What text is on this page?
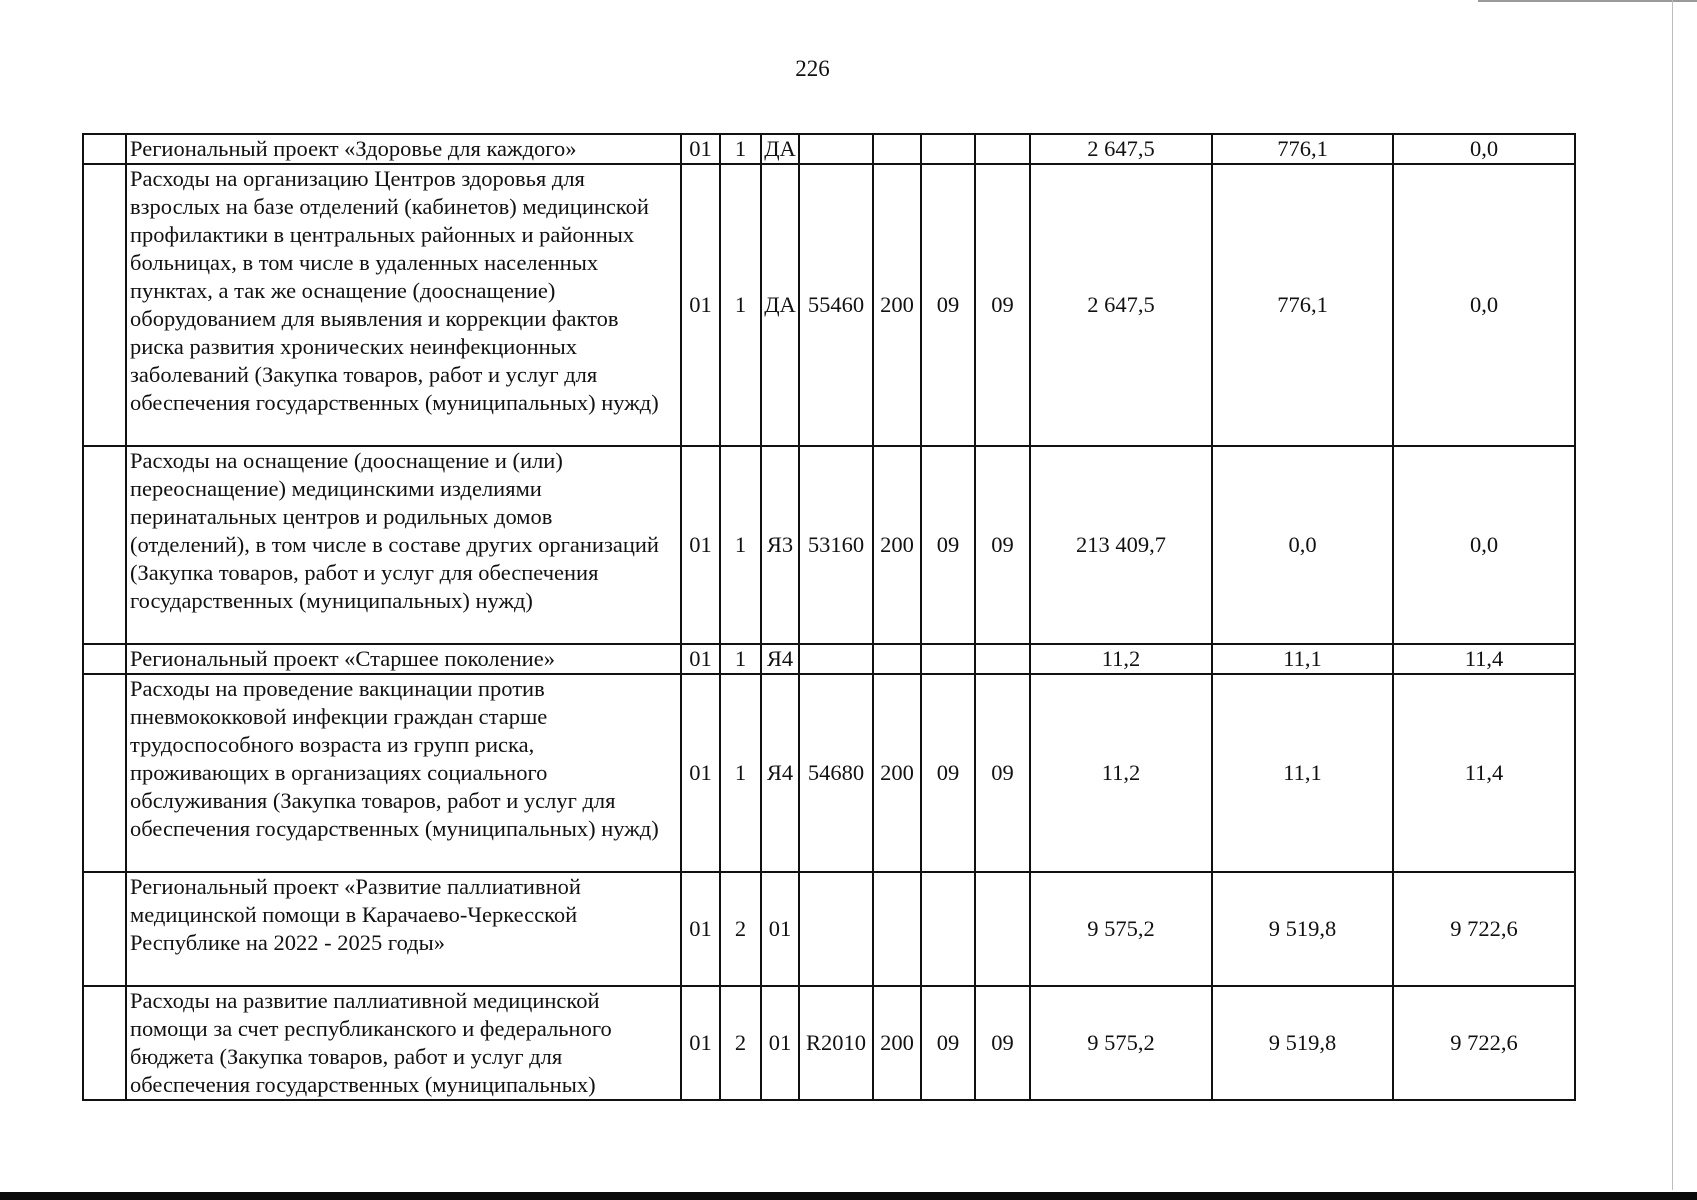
226
	Региональный проект «Здоровье для каждого»	01	1	ДА					2 647,5	776,1	0,0
	Расходы на организацию Центров здоровья для взрослых на базе отделений (кабинетов) медицинской профилактики в центральных районных и районных больницах, в том числе в удаленных населенных пунктах, а так же оснащение (дооснащение) оборудованием для выявления и коррекции фактов риска развития хронических неинфекционных заболеваний (Закупка товаров, работ и услуг для обеспечения государственных (муниципальных) нужд)	01	1	ДА	55460	200	09	09	2 647,5	776,1	0,0
	Расходы на оснащение (дооснащение и (или) переоснащение) медицинскими изделиями перинатальных центров и родильных домов (отделений), в том числе в составе других организаций (Закупка товаров, работ и услуг для обеспечения государственных (муниципальных) нужд)	01	1	Я3	53160	200	09	09	213 409,7	0,0	0,0
	Региональный проект «Старшее поколение»	01	1	Я4					11,2	11,1	11,4
	Расходы на проведение вакцинации против пневмококковой инфекции граждан старше трудоспособного возраста из групп риска, проживающих в организациях социального обслуживания (Закупка товаров, работ и услуг для обеспечения государственных (муниципальных) нужд)	01	1	Я4	54680	200	09	09	11,2	11,1	11,4
	Региональный проект «Развитие паллиативной медицинской помощи в Карачаево-Черкесской Республике на 2022 - 2025 годы»	01	2	01					9 575,2	9 519,8	9 722,6
	Расходы на развитие паллиативной медицинской помощи за счет республиканского и федерального бюджета (Закупка товаров, работ и услуг для обеспечения государственных (муниципальных)	01	2	01	R2010	200	09	09	9 575,2	9 519,8	9 722,6
